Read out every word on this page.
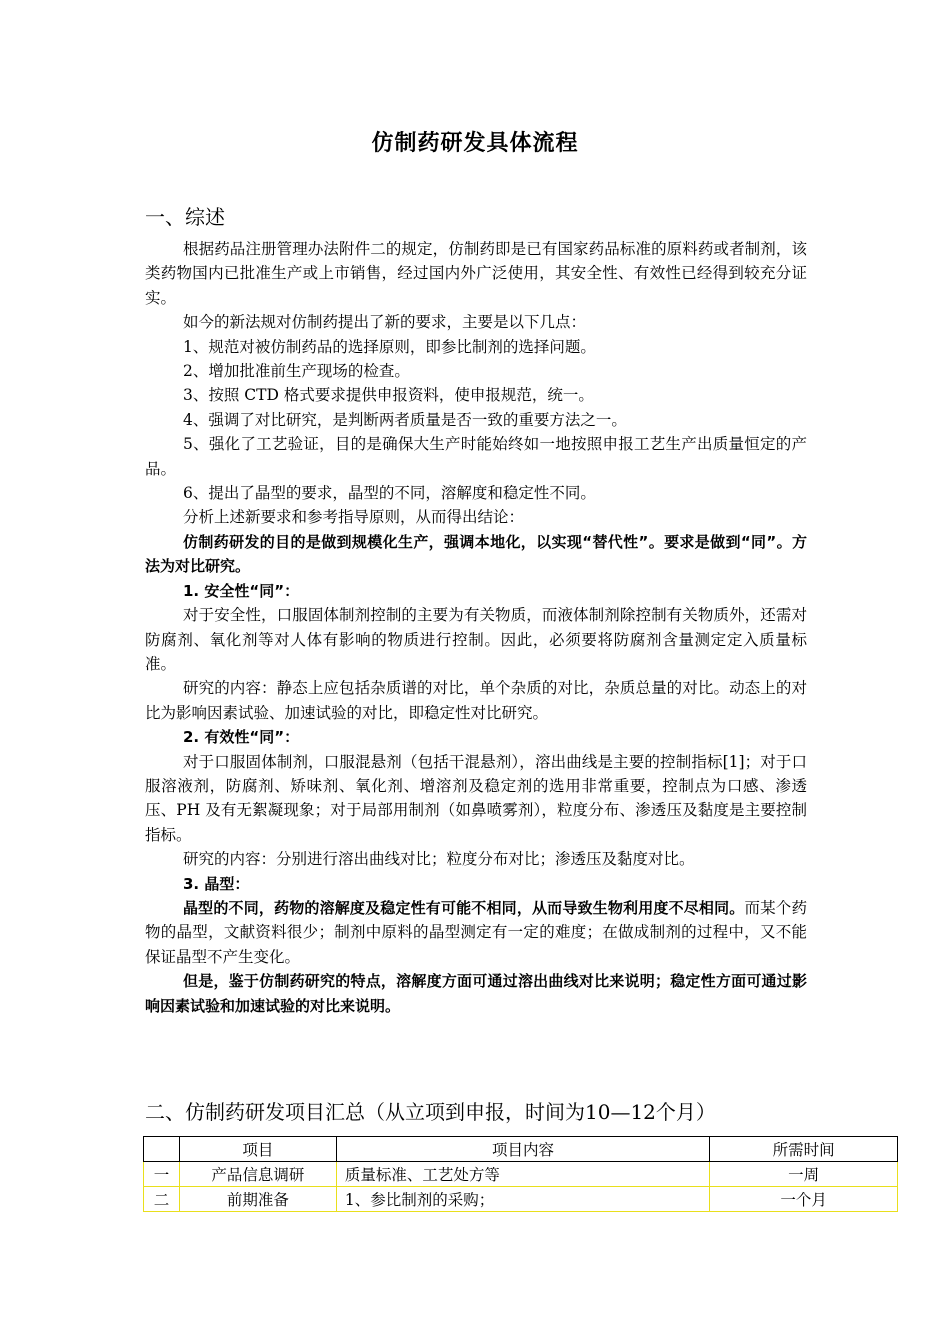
仿制药研发具体流程
一、综述

根据药品注册管理办法附件二的规定，仿制药即是已有国家药品标准的原料药或者制剂，该类药物国内已批准生产或上市销售，经过国内外广泛使用，其安全性、有效性已经得到较充分证实。

如今的新法规对仿制药提出了新的要求，主要是以下几点：

1、规范对被仿制药品的选择原则，即参比制剂的选择问题。

2、增加批准前生产现场的检查。

3、按照 CTD 格式要求提供申报资料，使申报规范，统一。

4、强调了对比研究，是判断两者质量是否一致的重要方法之一。

5、强化了工艺验证，目的是确保大生产时能始终如一地按照申报工艺生产出质量恒定的产品。

6、提出了晶型的要求，晶型的不同，溶解度和稳定性不同。

分析上述新要求和参考指导原则，从而得出结论：

仿制药研发的目的是做到规模化生产，强调本地化，以实现“替代性”。要求是做到“同”。方法为对比研究。

1. 安全性“同”：

对于安全性，口服固体制剂控制的主要为有关物质，而液体制剂除控制有关物质外，还需对防腐剂、氧化剂等对人体有影响的物质进行控制。因此，必须要将防腐剂含量测定定入质量标准。

研究的内容：静态上应包括杂质谱的对比，单个杂质的对比，杂质总量的对比。动态上的对比为影响因素试验、加速试验的对比，即稳定性对比研究。

2. 有效性“同”：

对于口服固体制剂，口服混悬剂（包括干混悬剂），溶出曲线是主要的控制指标[1]；对于口服溶液剂，防腐剂、矫味剂、氧化剂、增溶剂及稳定剂的选用非常重要，控制点为口感、渗透压、PH 及有无絮凝现象；对于局部用制剂（如鼻喷雾剂），粒度分布、渗透压及黏度是主要控制指标。

研究的内容：分别进行溶出曲线对比；粒度分布对比；渗透压及黏度对比。

3. 晶型：

晶型的不同，药物的溶解度及稳定性有可能不相同，从而导致生物利用度不尽相同。而某个药物的晶型，文献资料很少；制剂中原料的晶型测定有一定的难度；在做成制剂的过程中，又不能保证晶型不产生变化。

但是，鉴于仿制药研究的特点，溶解度方面可通过溶出曲线对比来说明；稳定性方面可通过影响因素试验和加速试验的对比来说明。

二、仿制药研发项目汇总（从立项到申报，时间为10—12个月）
	项目	项目内容	所需时间
一	产品信息调研	质量标准、工艺处方等	一周
二	前期准备	1、参比制剂的采购；	一个月
